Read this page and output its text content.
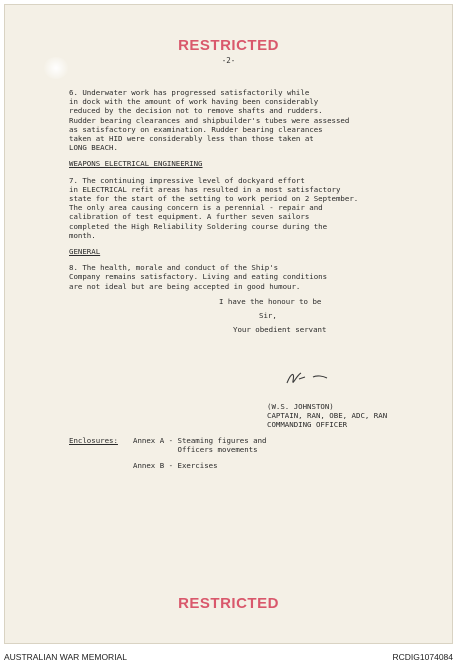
RESTRICTED
-2-

6. Underwater work has progressed satisfactorily while
in dock with the amount of work having been considerably
reduced by the decision not to remove shafts and rudders.
Rudder bearing clearances and shipbuilder's tubes were assessed
as satisfactory on examination. Rudder bearing clearances
taken at HID were considerably less than those taken at
LONG BEACH.

WEAPONS ELECTRICAL ENGINEERING

7. The continuing impressive level of dockyard effort
in ELECTRICAL refit areas has resulted in a most satisfactory
state for the start of the setting to work period on 2 September.
The only area causing concern is a perennial - repair and
calibration of test equipment. A further seven sailors
completed the High Reliability Soldering course during the
month.

GENERAL

8. The health, morale and conduct of the Ship's
Company remains satisfactory. Living and eating conditions
are not ideal but are being accepted in good humour.

I have the honour to be
Sir,
Your obedient servant
(W.S. JOHNSTON)
CAPTAIN, RAN, OBE, ADC, RAN
COMMANDING OFFICER
Enclosures: Annex A - Steaming figures and
Officers movements
Annex B - Exercises
RESTRICTED
AUSTRALIAN WAR MEMORIAL	RCDIG1074084
